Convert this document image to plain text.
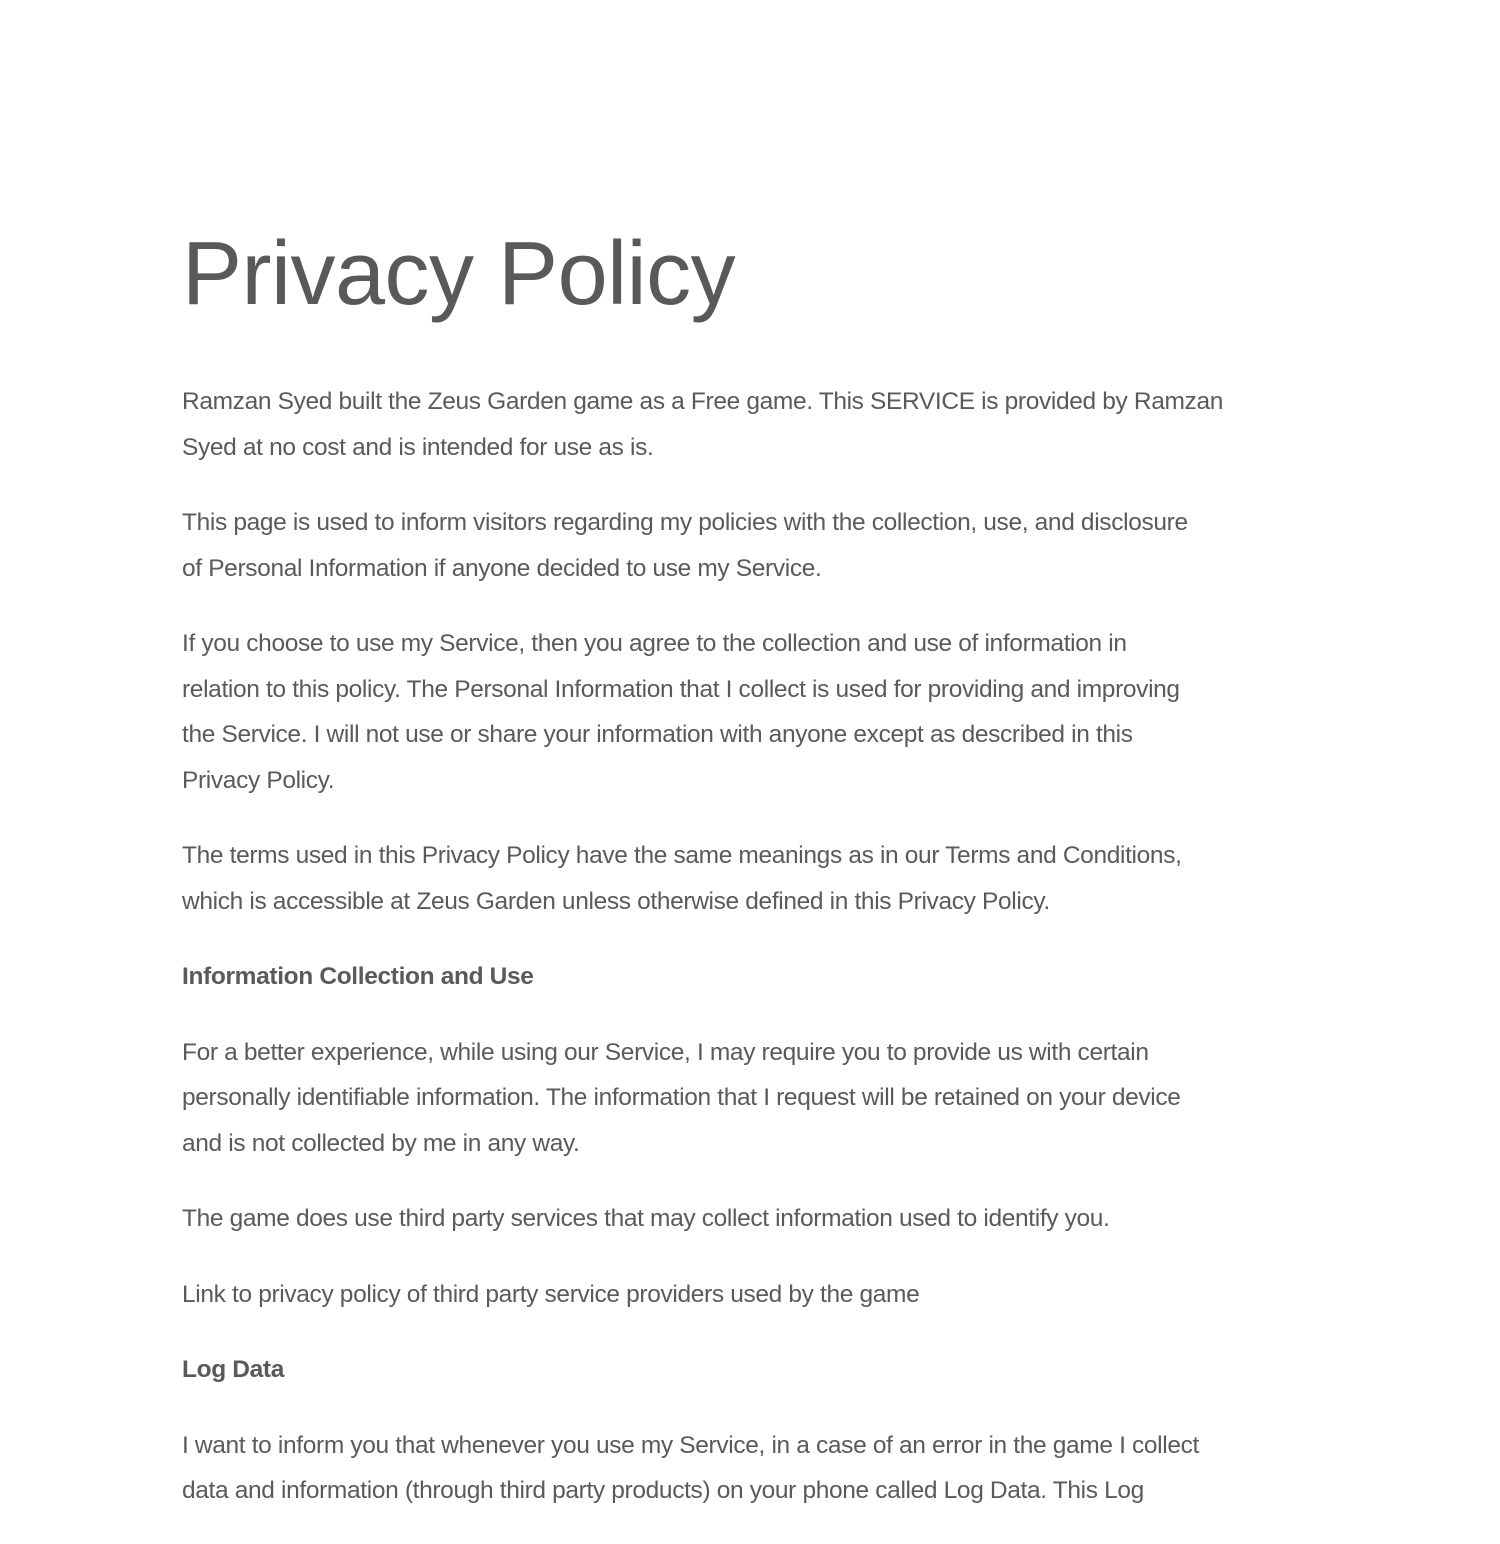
Privacy Policy
Ramzan Syed built the Zeus Garden game as a Free game. This SERVICE is provided by Ramzan
Syed at no cost and is intended for use as is.
This page is used to inform visitors regarding my policies with the collection, use, and disclosure
of Personal Information if anyone decided to use my Service.
If you choose to use my Service, then you agree to the collection and use of information in
relation to this policy. The Personal Information that I collect is used for providing and improving
the Service. I will not use or share your information with anyone except as described in this
Privacy Policy.
The terms used in this Privacy Policy have the same meanings as in our Terms and Conditions,
which is accessible at Zeus Garden unless otherwise defined in this Privacy Policy.
Information Collection and Use
For a better experience, while using our Service, I may require you to provide us with certain
personally identifiable information. The information that I request will be retained on your device
and is not collected by me in any way.
The game does use third party services that may collect information used to identify you.
Link to privacy policy of third party service providers used by the game
Log Data
I want to inform you that whenever you use my Service, in a case of an error in the game I collect
data and information (through third party products) on your phone called Log Data. This Log
